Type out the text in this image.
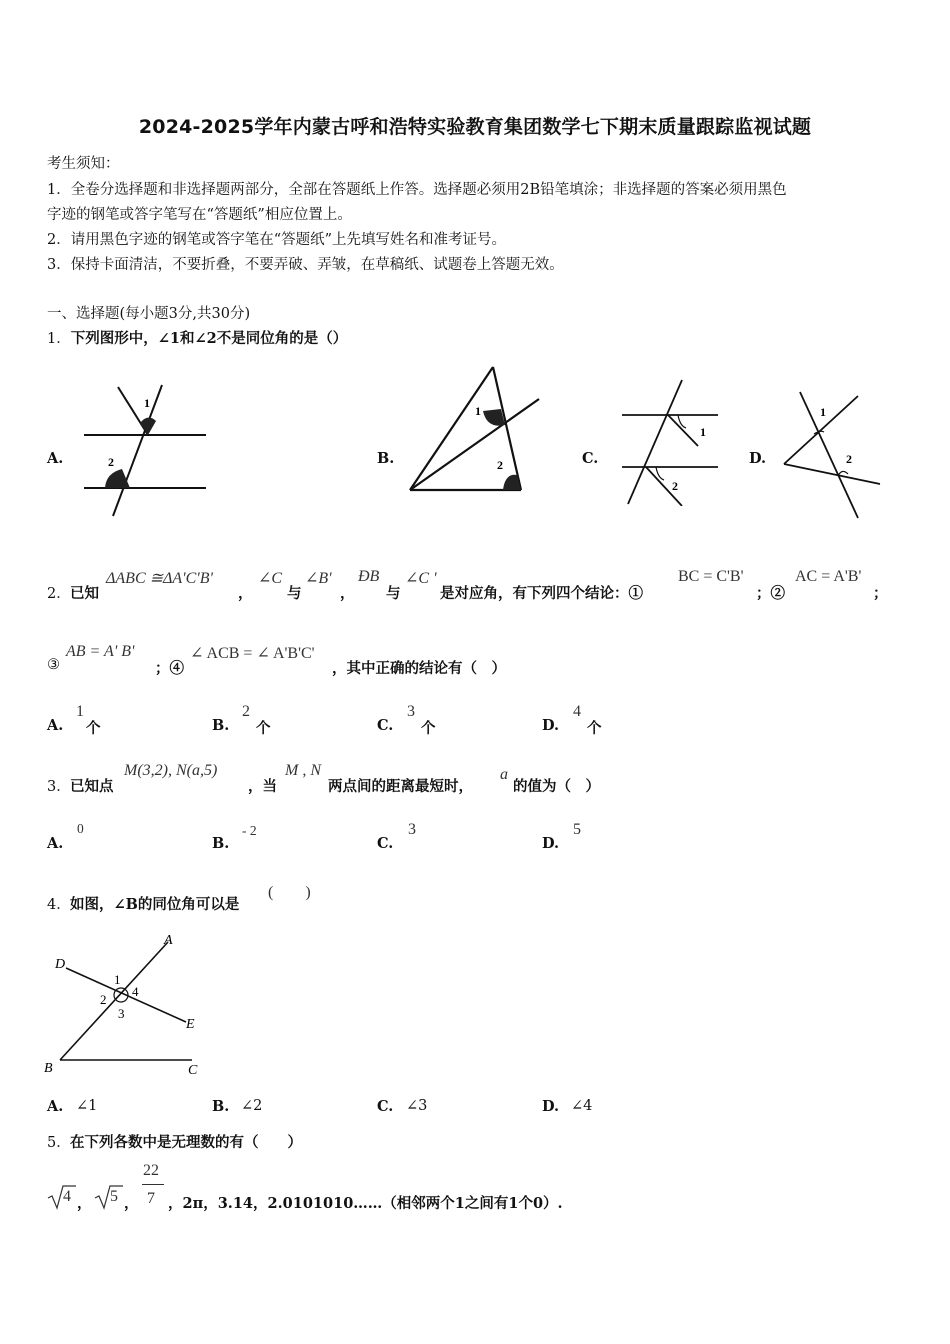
2024-2025学年内蒙古呼和浩特实验教育集团数学七下期末质量跟踪监视试题
考生须知：
1．全卷分选择题和非选择题两部分，全部在答题纸上作答。选择题必须用2B铅笔填涂；非选择题的答案必须用黑色
字迹的钢笔或答字笔写在“答题纸”相应位置上。
2．请用黑色字迹的钢笔或答字笔在“答题纸”上先填写姓名和准考证号。
3．保持卡面清洁，不要折叠，不要弄破、弄皱，在草稿纸、试题卷上答题无效。
一、选择题(每小题3分,共30分)
1．下列图形中，∠1和∠2不是同位角的是（）
A.
1
2	B.
1
2	C.
1
2
D.
1
2
2． 已知
ΔABC ≅ΔA'C'B'
，
∠C
与
∠B'
，
ÐB
与
∠C '
是对应角，有下列四个结论：①
BC = C'B'
；②
AC = A'B'
；
③
AB = A' B'
；④
∠ ACB = ∠ A'B'C'
，其中正确的结论有（　）
A.
1
个	B.
2
个	C.
3
个	D.
4
个
3． 已知点
M(3,2), N(a,5)
，当
M , N
两点间的距离最短时，
a
的值为（　）
A.
0
B.
- 2
C.
3
D.
5
4． 如图，∠B的同位角可以是
(　　)
A
B	C
D
E
1
2
3
4
A. ∠1	B. ∠2	C. ∠3	D. ∠4
5． 在下列各数中是无理数的有（　　）
4 ， 5 ，
22
7 ，2π，3.14，2.0101010……（相邻两个1之间有1个0）.
